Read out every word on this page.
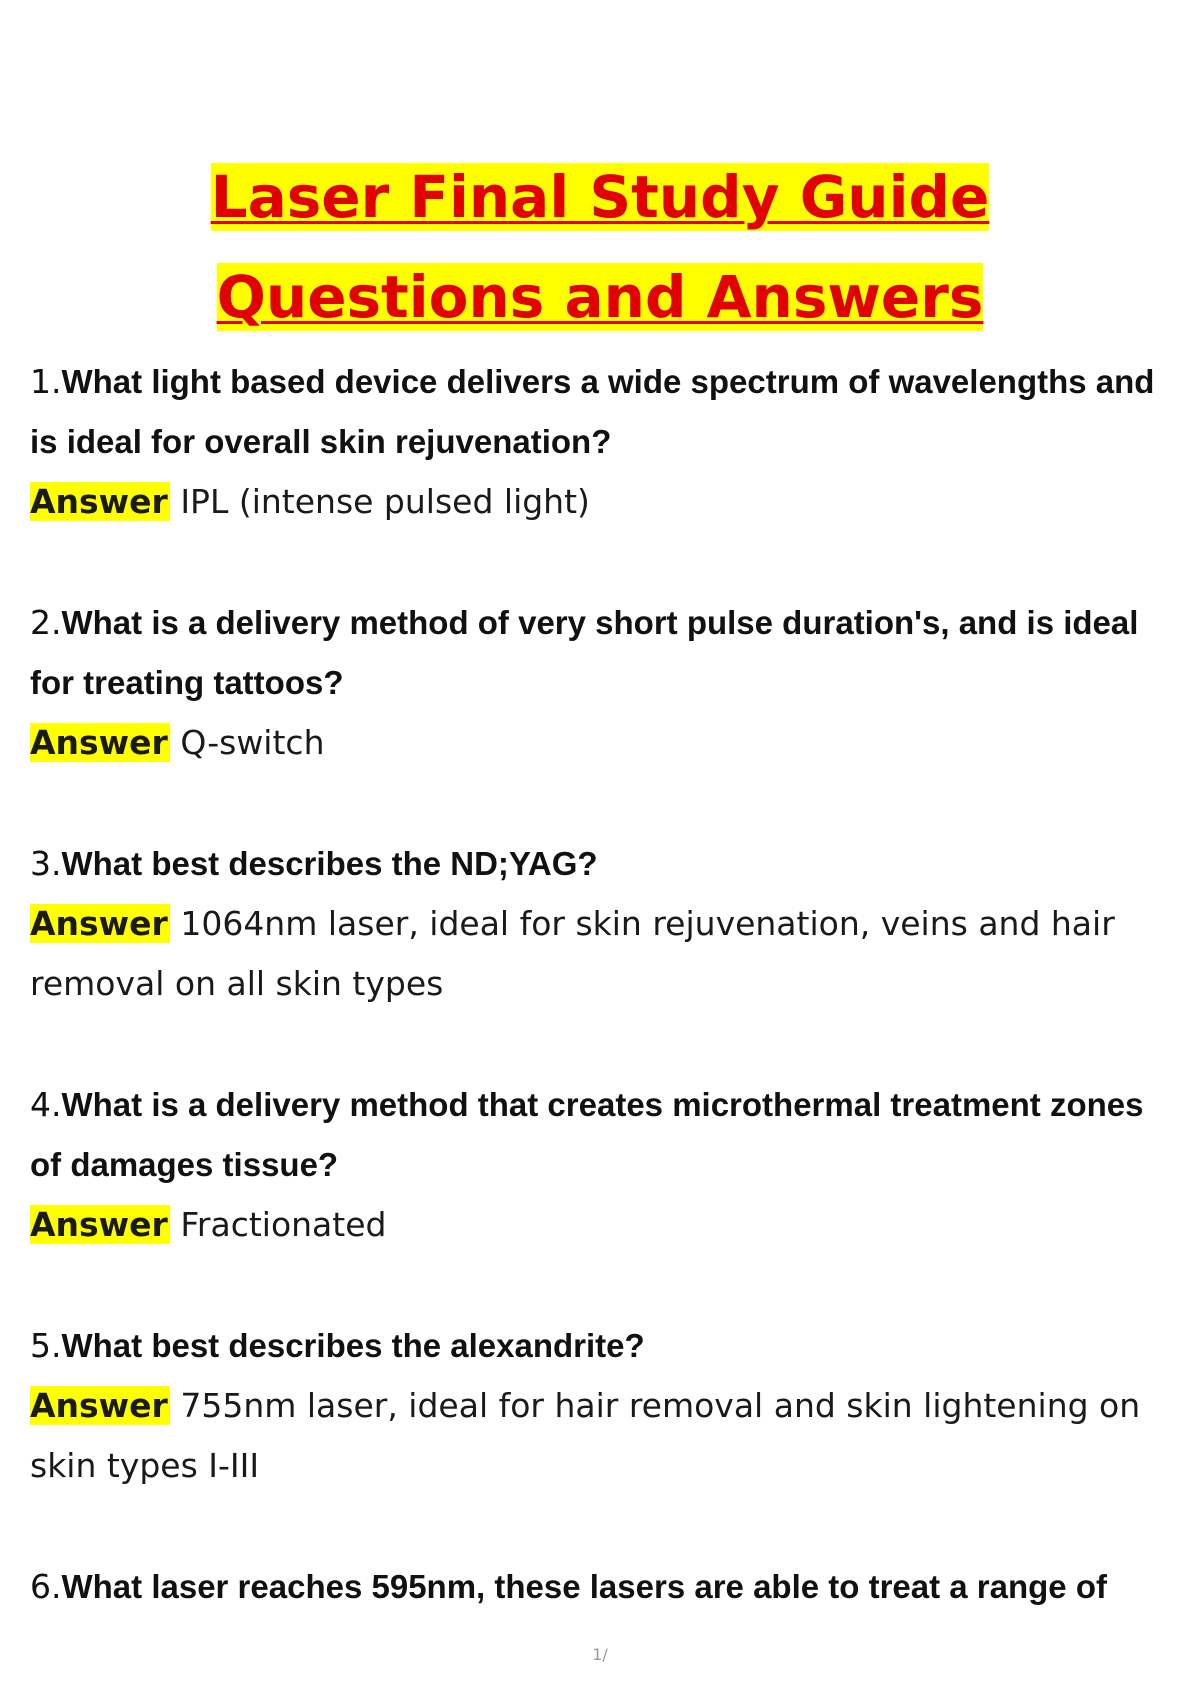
Laser Final Study Guide Questions and Answers

1.What light based device delivers a wide spectrum of wavelengths and is ideal for overall skin rejuvenation?

Answer IPL (intense pulsed light)

2.What is a delivery method of very short pulse duration's, and is ideal for treating tattoos?

Answer Q-switch

3.What best describes the ND;YAG?

Answer 1064nm laser, ideal for skin rejuvenation, veins and hair removal on all skin types

4.What is a delivery method that creates microthermal treatment zones of damages tissue?

Answer Fractionated

5.What best describes the alexandrite?

Answer 755nm laser, ideal for hair removal and skin lightening on skin types I-III

6.What laser reaches 595nm, these lasers are able to treat a range of

1/
